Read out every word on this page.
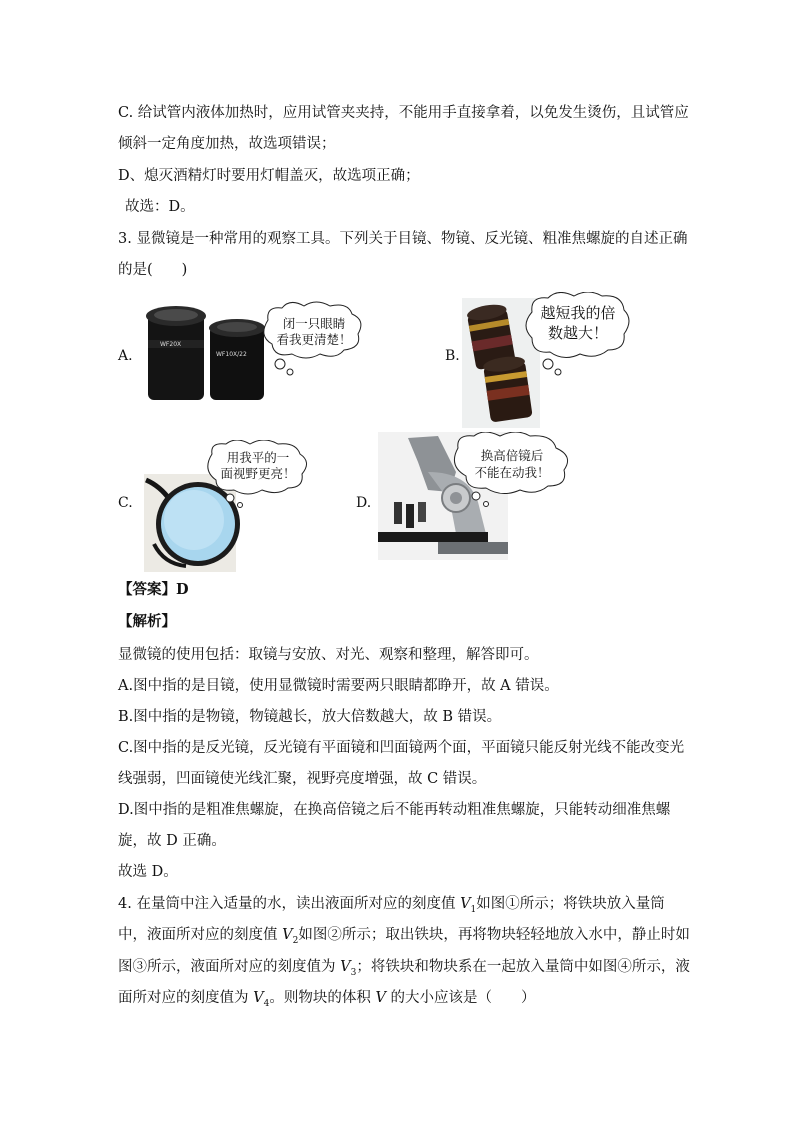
C. 给试管内液体加热时，应用试管夹夹持，不能用手直接拿着，以免发生烫伤，且试管应
倾斜一定角度加热，故选项错误；
D、熄灭酒精灯时要用灯帽盖灭，故选项正确；
故选：D。
3. 显微镜是一种常用的观察工具。下列关于目镜、物镜、反光镜、粗准焦螺旋的自述正确
的是(　　)
A.
WF20X
WF10X/22
闭一只眼睛
看我更清楚！
B.
越短我的倍
数越大！
C.
用我平的一
面视野更亮！
D.
换高倍镜后
不能在动我！
【答案】D
【解析】
显微镜的使用包括：取镜与安放、对光、观察和整理，解答即可。
A.图中指的是目镜，使用显微镜时需要两只眼睛都睁开，故 A 错误。
B.图中指的是物镜，物镜越长，放大倍数越大，故 B 错误。
C.图中指的是反光镜，反光镜有平面镜和凹面镜两个面，平面镜只能反射光线不能改变光
线强弱，凹面镜使光线汇聚，视野亮度增强，故 C 错误。
D.图中指的是粗准焦螺旋，在换高倍镜之后不能再转动粗准焦螺旋，只能转动细准焦螺
旋，故 D 正确。
故选 D。
4. 在量筒中注入适量的水，读出液面所对应的刻度值 $V_1$如图①所示；将铁块放入量筒
中，液面所对应的刻度值 $V_2$如图②所示；取出铁块，再将物块轻轻地放入水中，静止时如
图③所示，液面所对应的刻度值为 $V_3$；将铁块和物块系在一起放入量筒中如图④所示，液
面所对应的刻度值为 $V_4$。则物块的体积 V 的大小应该是（　　）
